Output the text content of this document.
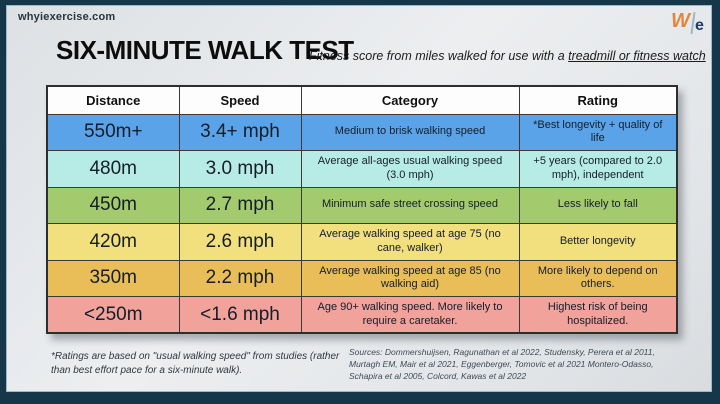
whyiexercise.com	W e
SIX-MINUTE WALK TEST
Fitness score from miles walked for use with a treadmill or fitness watch
Distance	Speed	Category	Rating
550m+	3.4+ mph	Medium to brisk walking speed	*Best longevity + quality of life
480m	3.0 mph	Average all-ages usual walking speed (3.0 mph)	+5 years (compared to 2.0 mph), independent
450m	2.7 mph	Minimum safe street crossing speed	Less likely to fall
420m	2.6 mph	Average walking speed at age 75 (no cane, walker)	Better longevity
350m	2.2 mph	Average walking speed at age 85 (no walking aid)	More likely to depend on others.
<250m	<1.6 mph	Age 90+ walking speed. More likely to require a caretaker.	Highest risk of being hospitalized.
*Ratings are based on "usual walking speed" from studies (rather than best effort pace for a six-minute walk).
Sources: Dommershuijsen, Ragunathan et al 2022, Studensky, Perera et al 2011, Murtagh EM, Mair et al 2021, Eggenberger, Tomovic et al 2021 Montero-Odasso, Schapira et al 2005, Colcord, Kawas et al 2022
